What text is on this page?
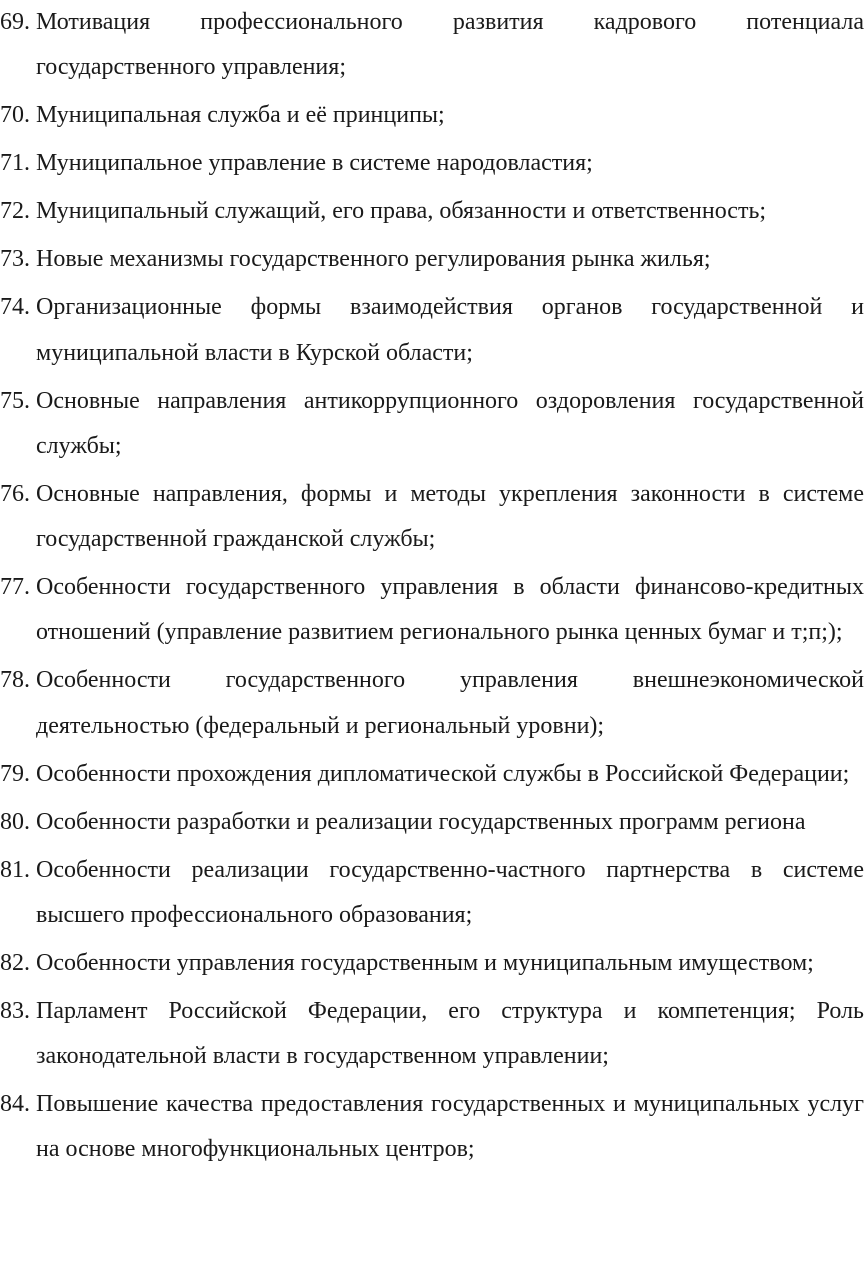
69. Мотивация профессионального развития кадрового потенциала государственного управления;
70. Муниципальная служба и её принципы;
71. Муниципальное управление в системе народовластия;
72. Муниципальный служащий, его права, обязанности и ответственность;
73. Новые механизмы государственного регулирования рынка жилья;
74. Организационные формы взаимодействия органов государственной и муниципальной власти в Курской области;
75. Основные направления антикоррупционного оздоровления государственной службы;
76. Основные направления, формы и методы укрепления законности в системе государственной гражданской службы;
77. Особенности государственного управления в области финансово-кредитных отношений (управление развитием регионального рынка ценных бумаг и т;п;);
78. Особенности государственного управления внешнеэкономической деятельностью (федеральный и региональный уровни);
79. Особенности прохождения дипломатической службы в Российской Федерации;
80. Особенности разработки и реализации государственных программ региона
81. Особенности реализации государственно-частного партнерства в системе высшего профессионального образования;
82. Особенности управления государственным и муниципальным имуществом;
83. Парламент Российской Федерации, его структура и компетенция; Роль законодательной власти в государственном управлении;
84. Повышение качества предоставления государственных и муниципальных услуг на основе многофункциональных центров;
